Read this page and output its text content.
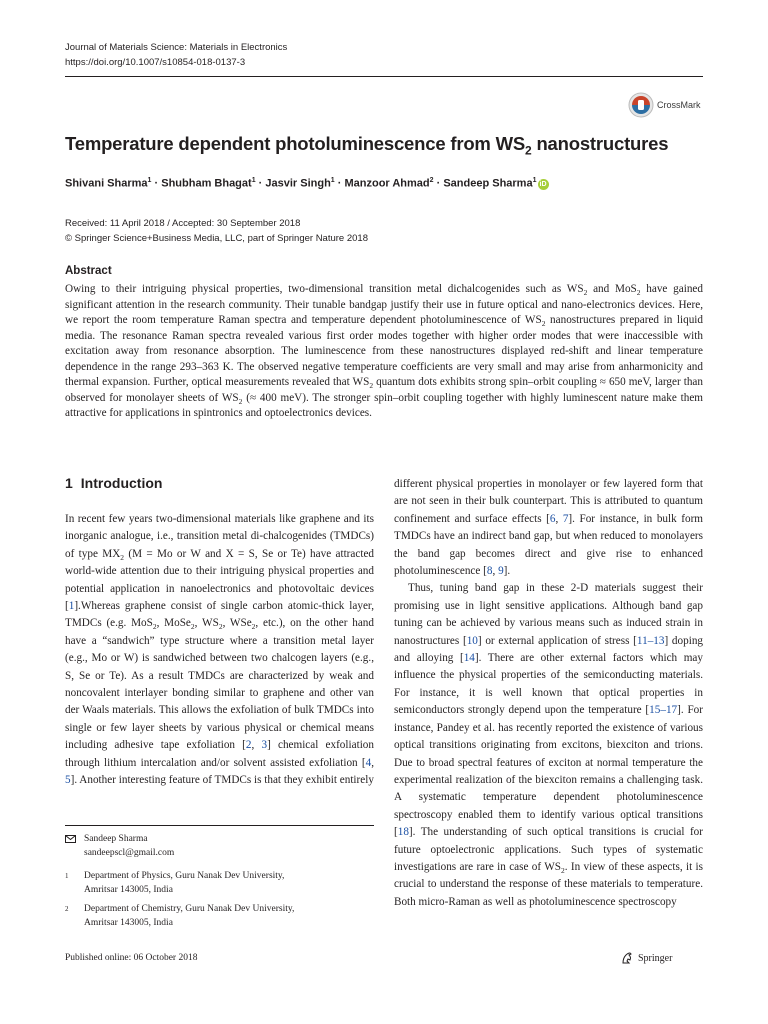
Journal of Materials Science: Materials in Electronics
https://doi.org/10.1007/s10854-018-0137-3
CrossMark
Temperature dependent photoluminescence from $WS_2$ nanostructures
Shivani Sharma$^1$ · Shubham Bhagat$^1$ · Jasvir Singh$^1$ · Manzoor Ahmad$^2$ · Sandeep Sharma$^1$iD
Received: 11 April 2018 / Accepted: 30 September 2018
© Springer Science+Business Media, LLC, part of Springer Nature 2018
Abstract
Owing to their intriguing physical properties, two-dimensional transition metal dichalcogenides such as $WS_2$ and MoS$_2$ have gained significant attention in the research community. Their tunable bandgap justify their use in future optical and nano-electronics devices. Here, we report the room temperature Raman spectra and temperature dependent photoluminescence of $WS_2$ nanostructures prepared in liquid media. The resonance Raman spectra revealed various first order modes together with higher order modes that were inaccessible with excitation away from resonance absorption. The luminescence from these nanostructures displayed red-shift and linear temperature dependence in the range 293–363 K. The observed negative temperature coefficients are very small and may arise from anharmonicity and thermal expansion. Further, optical measurements revealed that $WS_2$ quantum dots exhibits strong spin–orbit coupling ≈ 650 meV, larger than observed for monolayer sheets of $WS_2$ (≈ 400 meV). The stronger spin–orbit coupling together with highly luminescent nature make them attractive for applications in spintronics and optoelectronics devices.
1 Introduction

In recent few years two-dimensional materials like graphene and its inorganic analogue, i.e., transition metal di-chalcogenides (TMDCs) of type $MX_2$ (M = Mo or W and X = S, Se or Te) have attracted world-wide attention due to their intriguing physical properties and potential application in nanoelectronics and photovoltaic devices [1].Whereas graphene consist of single carbon atomic-thick layer, TMDCs (e.g. MoS$_2$, MoSe$_2$, $WS_2$, WSe$_2$, etc.), on the other hand have a “sandwich” type structure where a transition metal layer (e.g., Mo or W) is sandwiched between two chalcogen layers (e.g., S, Se or Te). As a result TMDCs are characterized by weak and noncovalent interlayer bonding similar to graphene and other van der Waals materials. This allows the exfoliation of bulk TMDCs into single or few layer sheets by various physical or chemical means including adhesive tape exfoliation [2, 3] chemical exfoliation through lithium intercalation and/or solvent assisted exfoliation [4, 5]. Another interesting feature of TMDCs is that they exhibit entirely

different physical properties in monolayer or few layered form that are not seen in their bulk counterpart. This is attributed to quantum confinement and surface effects [6, 7]. For instance, in bulk form TMDCs have an indirect band gap, but when reduced to monolayers the band gap becomes direct and give rise to enhanced photoluminescence [8, 9].

Thus, tuning band gap in these 2-D materials suggest their promising use in light sensitive applications. Although band gap tuning can be achieved by various means such as induced strain in nanostructures [10] or external application of stress [11–13] doping and alloying [14]. There are other external factors which may influence the physical properties of the semiconducting materials. For instance, it is well known that optical properties in semiconductors strongly depend upon the temperature [15–17]. For instance, Pandey et al. has recently reported the existence of various optical transitions originating from excitons, biexciton and trions. Due to broad spectral features of exciton at normal temperature the experimental realization of the biexciton remains a challenging task. A systematic temperature dependent photoluminescence spectroscopy enabled them to identify various optical transitions [18]. The understanding of such optical transitions is crucial for future optoelectronic applications. Such types of systematic investigations are rare in case of $WS_2$. In view of these aspects, it is crucial to understand the response of these materials to temperature. Both micro-Raman as well as photoluminescence spectroscopy

Sandeep Sharma
sandeepscl@gmail.com
1	Department of Physics, Guru Nanak Dev University,
Amritsar 143005, India
2	Department of Chemistry, Guru Nanak Dev University,
Amritsar 143005, India
Published online: 06 October 2018	Springer
